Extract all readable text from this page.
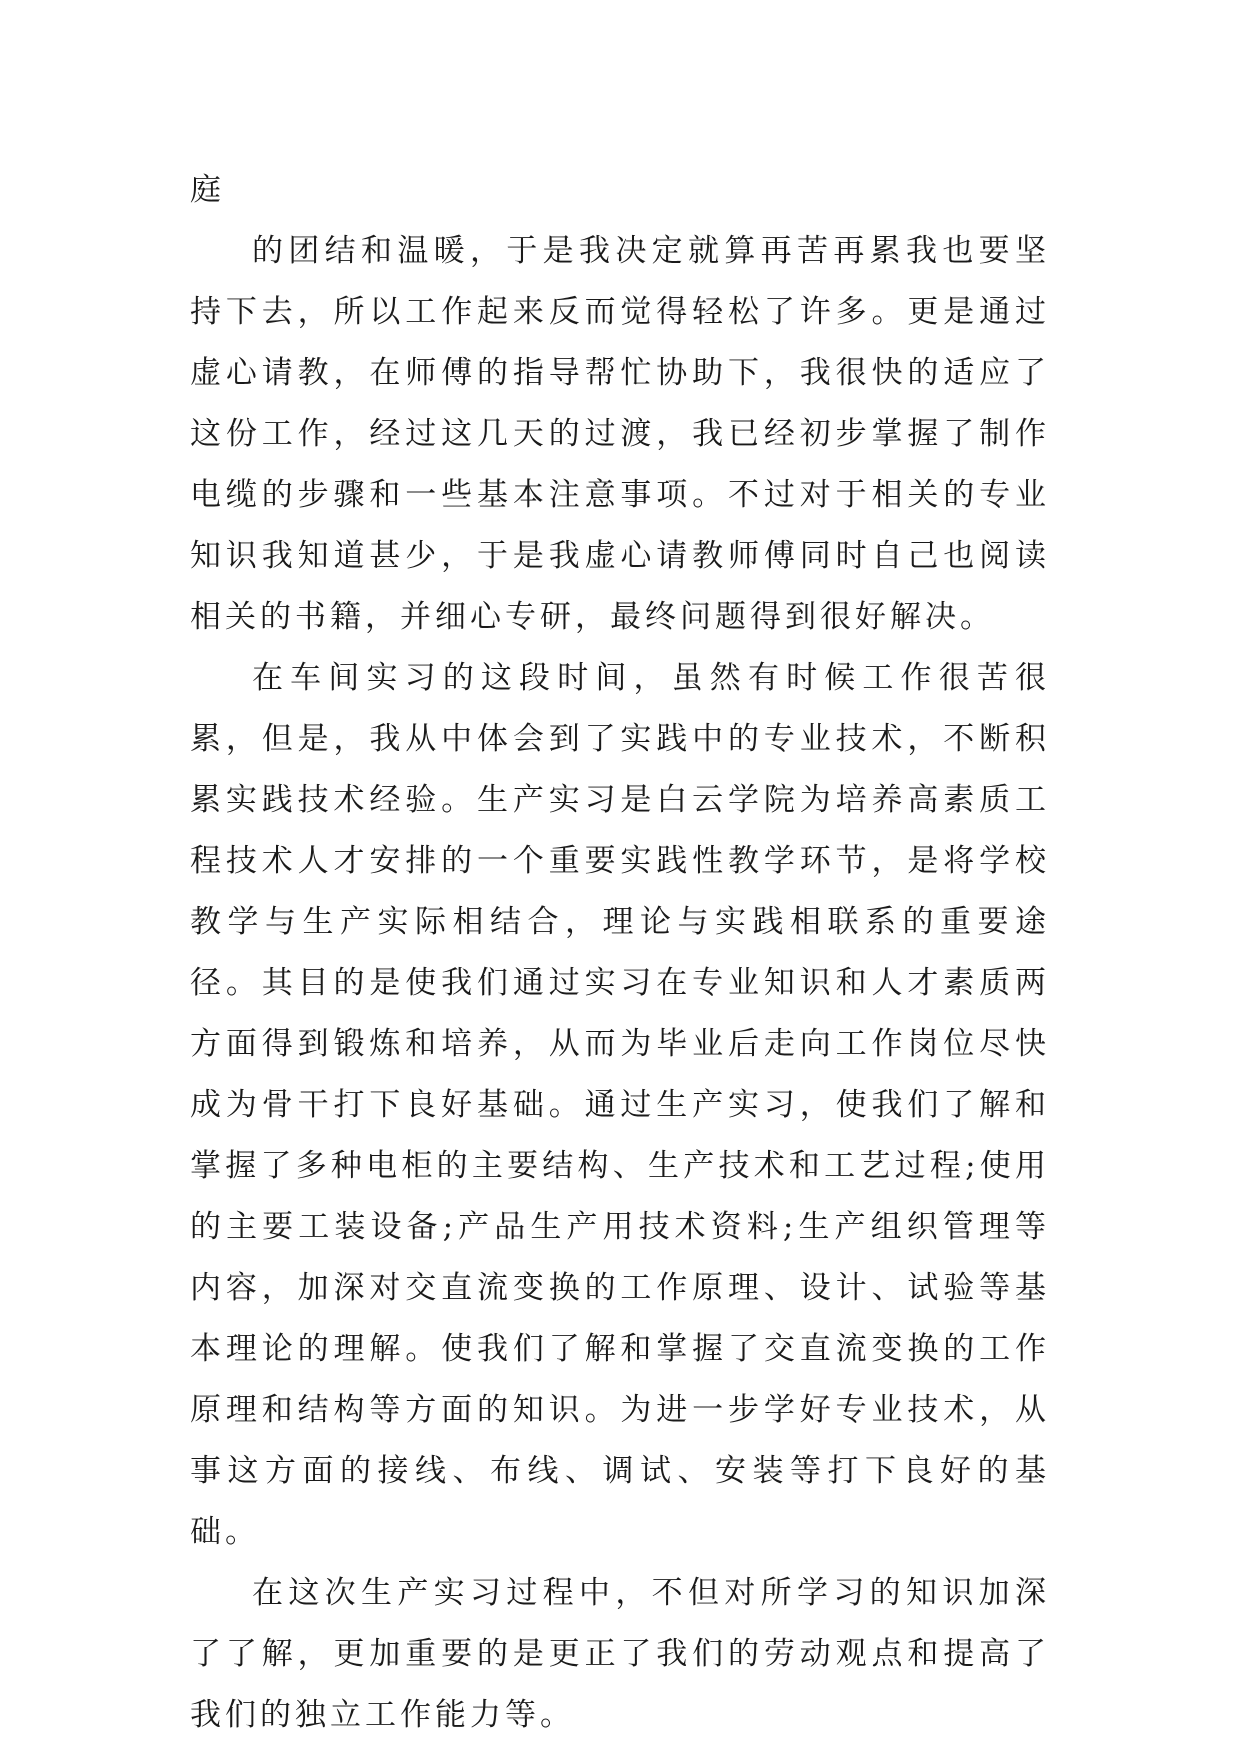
庭

的团结和温暖，于是我决定就算再苦再累我也要坚持下去，所以工作起来反而觉得轻松了许多。更是通过虚心请教，在师傅的指导帮忙协助下，我很快的适应了这份工作，经过这几天的过渡，我已经初步掌握了制作电缆的步骤和一些基本注意事项。不过对于相关的专业知识我知道甚少，于是我虚心请教师傅同时自己也阅读相关的书籍，并细心专研，最终问题得到很好解决。

在车间实习的这段时间，虽然有时候工作很苦很累，但是，我从中体会到了实践中的专业技术，不断积累实践技术经验。生产实习是白云学院为培养高素质工程技术人才安排的一个重要实践性教学环节，是将学校教学与生产实际相结合，理论与实践相联系的重要途径。其目的是使我们通过实习在专业知识和人才素质两方面得到锻炼和培养，从而为毕业后走向工作岗位尽快成为骨干打下良好基础。通过生产实习，使我们了解和掌握了多种电柜的主要结构、生产技术和工艺过程;使用的主要工装设备;产品生产用技术资料;生产组织管理等内容，加深对交直流变换的工作原理、设计、试验等基本理论的理解。使我们了解和掌握了交直流变换的工作原理和结构等方面的知识。为进一步学好专业技术，从事这方面的接线、布线、调试、安装等打下良好的基础。

在这次生产实习过程中，不但对所学习的知识加深了了解，更加重要的是更正了我们的劳动观点和提高了我们的独立工作能力等。
